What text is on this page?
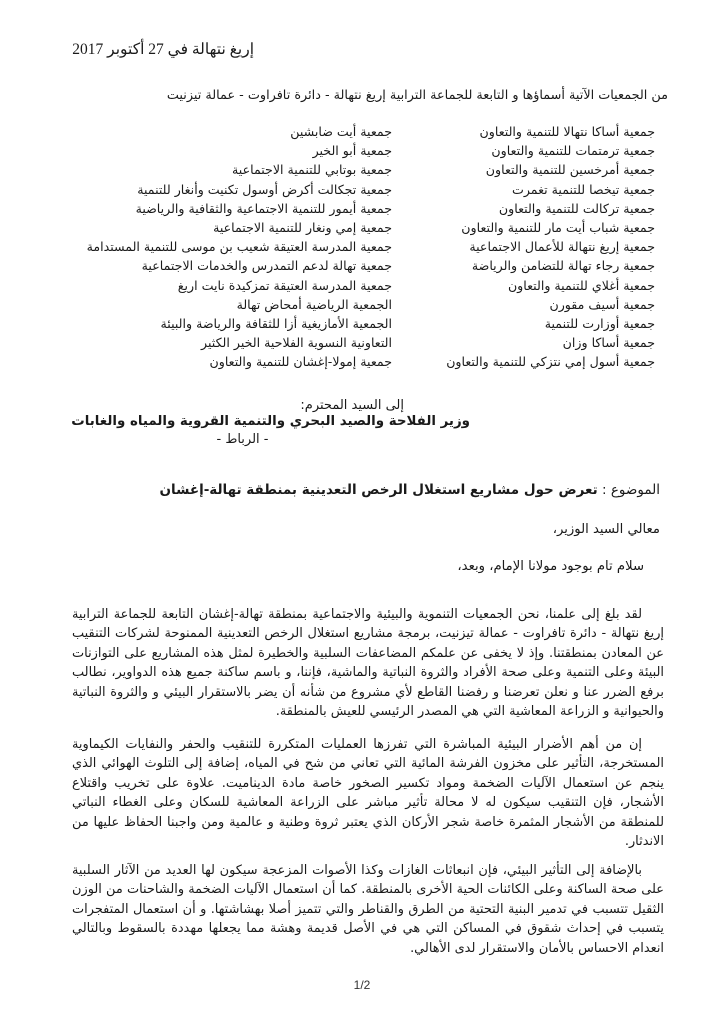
إريغ نتهالة في 27 أكتوبر 2017
من الجمعيات الآتية أسماؤها و التابعة للجماعة الترابية إريغ نتهالة - دائرة تافراوت - عمالة تيزنيت
جمعية أساكا نتهالا للتنمية والتعاون
جمعية ترمتمات للتنمية والتعاون
جمعية أمرخسين للتنمية والتعاون
جمعية تيخصا للتنمية تغمرت
جمعية تركالت للتنمية والتعاون
جمعية شباب أيت مار للتنمية والتعاون
جمعية إريغ نتهالة للأعمال الاجتماعية
جمعية رجاء تهالة للتضامن والرياضة
جمعية أغلاي للتنمية والتعاون
جمعية أسيف مقورن
جمعية أوزارت للتنمية
جمعية أساكا وزان
جمعية أسول إمي نتزكي للتنمية والتعاون
جمعية أيت ضابشين
جمعية أبو الخير
جمعية بوتابي للتنمية الاجتماعية
جمعية تجكالت أكرض أوسول تكنيت وأنغار للتنمية
جمعية أيمور للتنمية الاجتماعية والثقافية والرياضية
جمعية إمي ونغار للتنمية الاجتماعية
جمعية المدرسة العتيقة شعيب بن موسى للتنمية المستدامة
جمعية تهالة لدعم التمدرس والخدمات الاجتماعية
جمعية المدرسة العتيقة تمزكيدة نايت اريغ
الجمعية الرياضية أمحاض تهالة
الجمعية الأمازيغية أزا للثقافة والرياضة والبيئة
التعاونية النسوية الفلاحية الخير الكثير
جمعية إمولا-إغشان للتنمية والتعاون
إلى السيد المحترم:
وزير الفلاحة والصيد البحري والتنمية القروية والمياه والغابات
- الرباط -
الموضوع : تعرض حول مشاريع استغلال الرخص التعدينية بمنطقة تهالة-إغشان
معالي السيد الوزير،
سلام تام بوجود مولانا الإمام، وبعد،

لقد بلغ إلى علمنا، نحن الجمعيات التنموية والبيئية والاجتماعية بمنطقة تهالة-إغشان التابعة للجماعة الترابية إريغ نتهالة - دائرة تافراوت - عمالة تيزنيت، برمجة مشاريع استغلال الرخص التعدينية الممنوحة لشركات التنقيب عن المعادن بمنطقتنا. وإذ لا يخفى عن علمكم المضاعفات السلبية والخطيرة لمثل هذه المشاريع على التوازنات البيئة وعلى التنمية وعلى صحة الأفراد والثروة النباتية والماشية، فإننا، و باسم ساكنة جميع هذه الدواوير، نطالب برفع الضرر عنا و نعلن تعرضنا و رفضنا القاطع لأي مشروع من شأنه أن يضر بالاستقرار البيئي و والثروة النباتية والحيوانية و الزراعة المعاشية التي هي المصدر الرئيسي للعيش بالمنطقة.

إن من أهم الأضرار البيئية المباشرة التي تفرزها العمليات المتكررة للتنقيب والحفر والنفايات الكيماوية المستخرجة، التأثير على مخزون الفرشة المائية التي تعاني من شح في المياه، إضافة إلى التلوث الهوائي الذي ينجم عن استعمال الآليات الضخمة ومواد تكسير الصخور خاصة مادة الديناميت. علاوة على تخريب واقتلاع الأشجار، فإن التنقيب سيكون له لا محالة تأثير مباشر على الزراعة المعاشية للسكان وعلى الغطاء النباتي للمنطقة من الأشجار المثمرة خاصة شجر الأركان الذي يعتبر ثروة وطنية و عالمية ومن واجبنا الحفاظ عليها من الاندثار.

بالإضافة إلى التأثير البيئي، فإن انبعاثات الغازات وكذا الأصوات المزعجة سيكون لها العديد من الآثار السلبية على صحة الساكنة وعلى الكائنات الحية الأخرى بالمنطقة. كما أن استعمال الآليات الضخمة والشاحنات من الوزن الثقيل تتسبب في تدمير البنية التحتية من الطرق والقناطر والتي تتميز أصلا بهشاشتها. و أن استعمال المتفجرات يتسبب في إحداث شقوق في المساكن التي هي في الأصل قديمة وهشة مما يجعلها مهددة بالسقوط وبالتالي انعدام الاحساس بالأمان والاستقرار لدى الأهالي.

1/2
